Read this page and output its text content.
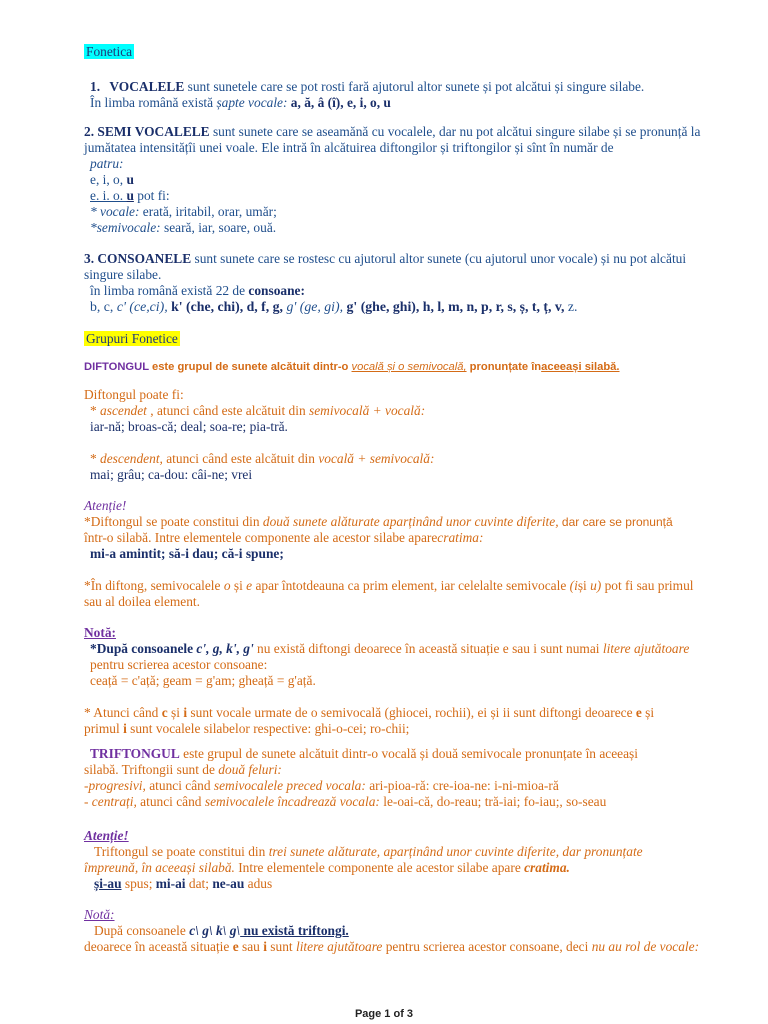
Fonetica
1. VOCALELE sunt sunetele care se pot rosti fară ajutorul altor sunete și pot alcătui și singure silabe.
În limba română există șapte vocale: a, ă, â (î), e, i, o, u
2. SEMI VOCALELE sunt sunete care se aseamănă cu vocalele, dar nu pot alcătui singure silabe și se pronunță la jumătatea intensitățîi unei voale. Ele intră în alcătuirea diftongilor și triftongilor și sînt în număr de
patru:
e, i, o, u
e. i. o. u pot fi:
* vocale: erată, iritabil, orar, umăr;
*semivocale: seară, iar, soare, ouă.
3. CONSOANELE sunt sunete care se rostesc cu ajutorul altor sunete (cu ajutorul unor vocale) și nu pot alcătui singure silabe.
în limba română există 22 de consoane:
b, c, c' (ce,ci), k' (che, chi), d, f, g, g' (ge, gi), g' (ghe, ghi), h, l, m, n, p, r, s, ș, t, ț, v, z.
Grupuri Fonetice
DIFTONGUL este grupul de sunete alcătuit dintr-o vocală și o semivocală, pronunțate înaceeași silabă.
Diftongul poate fi:
* ascendet , atunci când este alcătuit din semivocală + vocală:
iar-nă; broas-că; deal; soa-re; pia-tră.
* descendent, atunci când este alcătuit din vocală + semivocală:
mai; grâu; ca-dou: câi-ne; vrei
Atenție!
*Diftongul se poate constitui din două sunete alăturate aparținând unor cuvinte diferite, dar care se pronunță
într-o silabă. Intre elementele componente ale acestor silabe aparecratima:
mi-a amintit; să-i dau; că-i spune;
*În diftong, semivocalele o și e apar întotdeauna ca prim element, iar celelalte semivocale (iși u) pot fi sau primul sau al doilea element.
Notă:
*După consoanele c', g, k', g' nu există diftongi deoarece în această situație e sau i sunt numai litere ajutătoare pentru scrierea acestor consoane:
ceață = c'ață; geam = g'am; gheață = g'ață.
* Atunci când c și i sunt vocale urmate de o semivocală (ghiocei, rochii), ei și ii sunt diftongi deoarece e și
primul i sunt vocalele silabelor respective: ghi-o-cei; ro-chii;
TRIFTONGUL este grupul de sunete alcătuit dintr-o vocală și două semivocale pronunțate în aceeași
silabă. Triftongii sunt de două feluri:
-progresivi, atunci când semivocalele preced vocala: ari-pioa-ră: cre-ioa-ne: i-ni-mioa-ră
- centrați, atunci când semivocalele încadrează vocala: le-oai-că, do-reau; tră-iai; fo-iau;, so-seau
Atenție!
Triftongul se poate constitui din trei sunete alăturate, aparținând unor cuvinte diferite, dar pronunțate
împreună, în aceeași silabă. Intre elementele componente ale acestor silabe apare cratima.
și-au spus; mi-ai dat; ne-au adus
Notă:
După consoanele c\ g\ k\ g\ nu există triftongi.
deoarece în această situație e sau i sunt litere ajutătoare pentru scrierea acestor consoane, deci nu au rol de vocale:
Page 1 of 3
